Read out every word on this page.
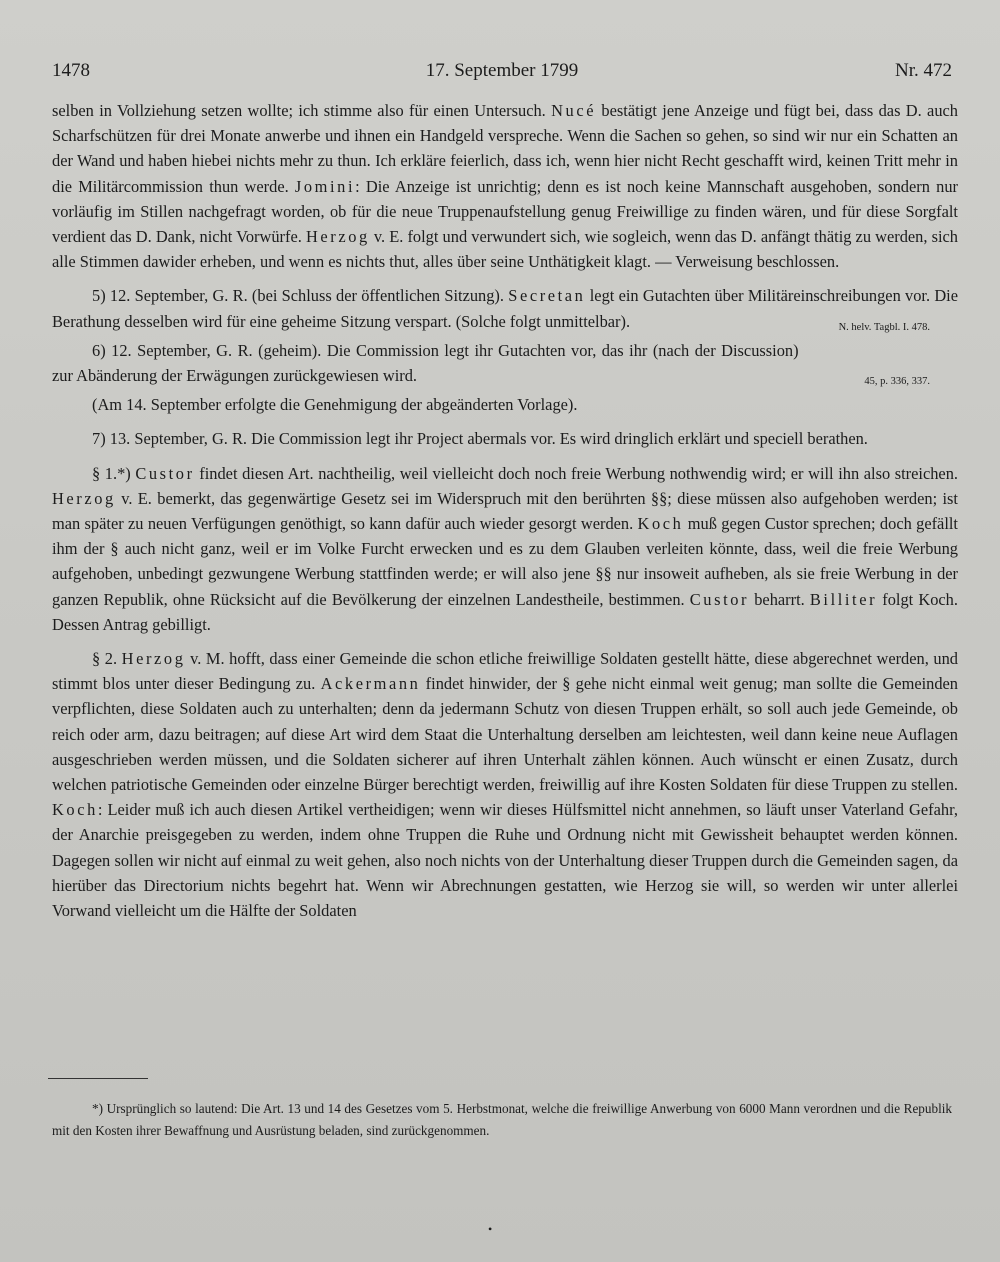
17. September 1799
1478	Nr. 472

selben in Vollziehung setzen wollte; ich stimme also für einen Untersuch. Nucé bestätigt jene Anzeige und fügt bei, dass das D. auch Scharfschützen für drei Monate anwerbe und ihnen ein Handgeld verspreche. Wenn die Sachen so gehen, so sind wir nur ein Schatten an der Wand und haben hiebei nichts mehr zu thun. Ich erkläre feierlich, dass ich, wenn hier nicht Recht geschafft wird, keinen Tritt mehr in die Militärcommission thun werde. Jomini: Die Anzeige ist unrichtig; denn es ist noch keine Mannschaft ausgehoben, sondern nur vorläufig im Stillen nachgefragt worden, ob für die neue Truppenaufstellung genug Freiwillige zu finden wären, und für diese Sorgfalt verdient das D. Dank, nicht Vorwürfe. Herzog v. E. folgt und verwundert sich, wie sogleich, wenn das D. anfängt thätig zu werden, sich alle Stimmen dawider erheben, und wenn es nichts thut, alles über seine Unthätigkeit klagt. — Verweisung beschlossen.

5) 12. September, G. R. (bei Schluss der öffentlichen Sitzung). Secretan legt ein Gutachten über Militäreinschreibungen vor. Die Berathung desselben wird für eine geheime Sitzung verspart. (Solche folgt unmittelbar).	N. helv. Tagbl. I. 478.

6) 12. September, G. R. (geheim). Die Commission legt ihr Gutachten vor, das ihr (nach der Discussion) zur Abänderung der Erwägungen zurückgewiesen wird.	45, p. 336, 337.

(Am 14. September erfolgte die Genehmigung der abgeänderten Vorlage).

7) 13. September, G. R. Die Commission legt ihr Project abermals vor. Es wird dringlich erklärt und speciell berathen.

§ 1.*) Custor findet diesen Art. nachtheilig, weil vielleicht doch noch freie Werbung nothwendig wird; er will ihn also streichen. Herzog v. E. bemerkt, das gegenwärtige Gesetz sei im Widerspruch mit den berührten §§; diese müssen also aufgehoben werden; ist man später zu neuen Verfügungen genöthigt, so kann dafür auch wieder gesorgt werden. Koch muß gegen Custor sprechen; doch gefällt ihm der § auch nicht ganz, weil er im Volke Furcht erwecken und es zu dem Glauben verleiten könnte, dass, weil die freie Werbung aufgehoben, unbedingt gezwungene Werbung stattfinden werde; er will also jene §§ nur insoweit aufheben, als sie freie Werbung in der ganzen Republik, ohne Rücksicht auf die Bevölkerung der einzelnen Landestheile, bestimmen. Custor beharrt. Billiter folgt Koch. Dessen Antrag gebilligt.

§ 2. Herzog v. M. hofft, dass einer Gemeinde die schon etliche freiwillige Soldaten gestellt hätte, diese abgerechnet werden, und stimmt blos unter dieser Bedingung zu. Ackermann findet hinwider, der § gehe nicht einmal weit genug; man sollte die Gemeinden verpflichten, diese Soldaten auch zu unterhalten; denn da jedermann Schutz von diesen Truppen erhält, so soll auch jede Gemeinde, ob reich oder arm, dazu beitragen; auf diese Art wird dem Staat die Unterhaltung derselben am leichtesten, weil dann keine neue Auflagen ausgeschrieben werden müssen, und die Soldaten sicherer auf ihren Unterhalt zählen können. Auch wünscht er einen Zusatz, durch welchen patriotische Gemeinden oder einzelne Bürger berechtigt werden, freiwillig auf ihre Kosten Soldaten für diese Truppen zu stellen. Koch: Leider muß ich auch diesen Artikel vertheidigen; wenn wir dieses Hülfsmittel nicht annehmen, so läuft unser Vaterland Gefahr, der Anarchie preisgegeben zu werden, indem ohne Truppen die Ruhe und Ordnung nicht mit Gewissheit behauptet werden können. Dagegen sollen wir nicht auf einmal zu weit gehen, also noch nichts von der Unterhaltung dieser Truppen durch die Gemeinden sagen, da hierüber das Directorium nichts begehrt hat. Wenn wir Abrechnungen gestatten, wie Herzog sie will, so werden wir unter allerlei Vorwand vielleicht um die Hälfte der Soldaten

*) Ursprünglich so lautend: Die Art. 13 und 14 des Gesetzes vom 5. Herbstmonat, welche die freiwillige Anwerbung von 6000 Mann verordnen und die Republik mit den Kosten ihrer Bewaffnung und Ausrüstung beladen, sind zurückgenommen.
•
